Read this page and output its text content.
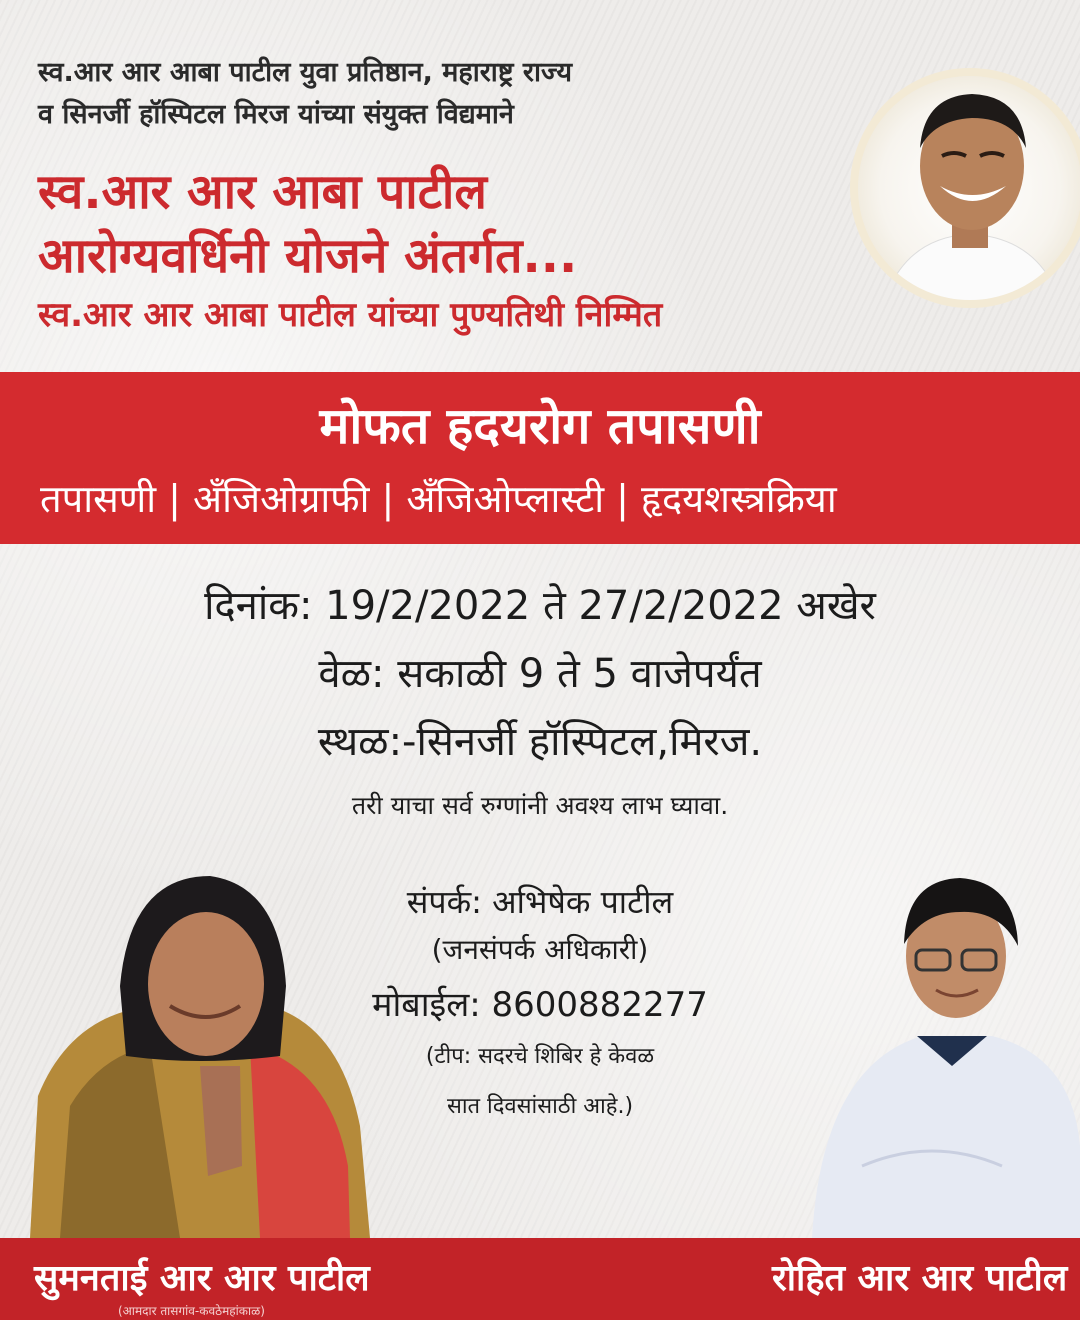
स्व.आर आर आबा पाटील युवा प्रतिष्ठान, महाराष्ट्र राज्य
व सिनर्जी हॉस्पिटल मिरज यांच्या संयुक्त विद्यमाने
स्व.आर आर आबा पाटील
आरोग्यवर्धिनी योजने अंतर्गत...
स्व.आर आर आबा पाटील यांच्या पुण्यतिथी निम्मित
मोफत हदयरोग तपासणी
तपासणी | अँजिओग्राफी | अँजिओप्लास्टी | हृदयशस्त्रक्रिया
दिनांक: 19/2/2022 ते 27/2/2022 अखेर
वेळ: सकाळी 9 ते 5 वाजेपर्यंत
स्थळ:-सिनर्जी हॉस्पिटल,मिरज.
तरी याचा सर्व रुग्णांनी अवश्य लाभ घ्यावा.
संपर्क: अभिषेक पाटील
(जनसंपर्क अधिकारी)
मोबाईल: 8600882277
(टीप: सदरचे शिबिर हे केवळ
सात दिवसांसाठी आहे.)
सुमनताई आर आर पाटील
(आमदार तासगांव-कवठेमहांकाळ)
रोहित आर आर पाटील
